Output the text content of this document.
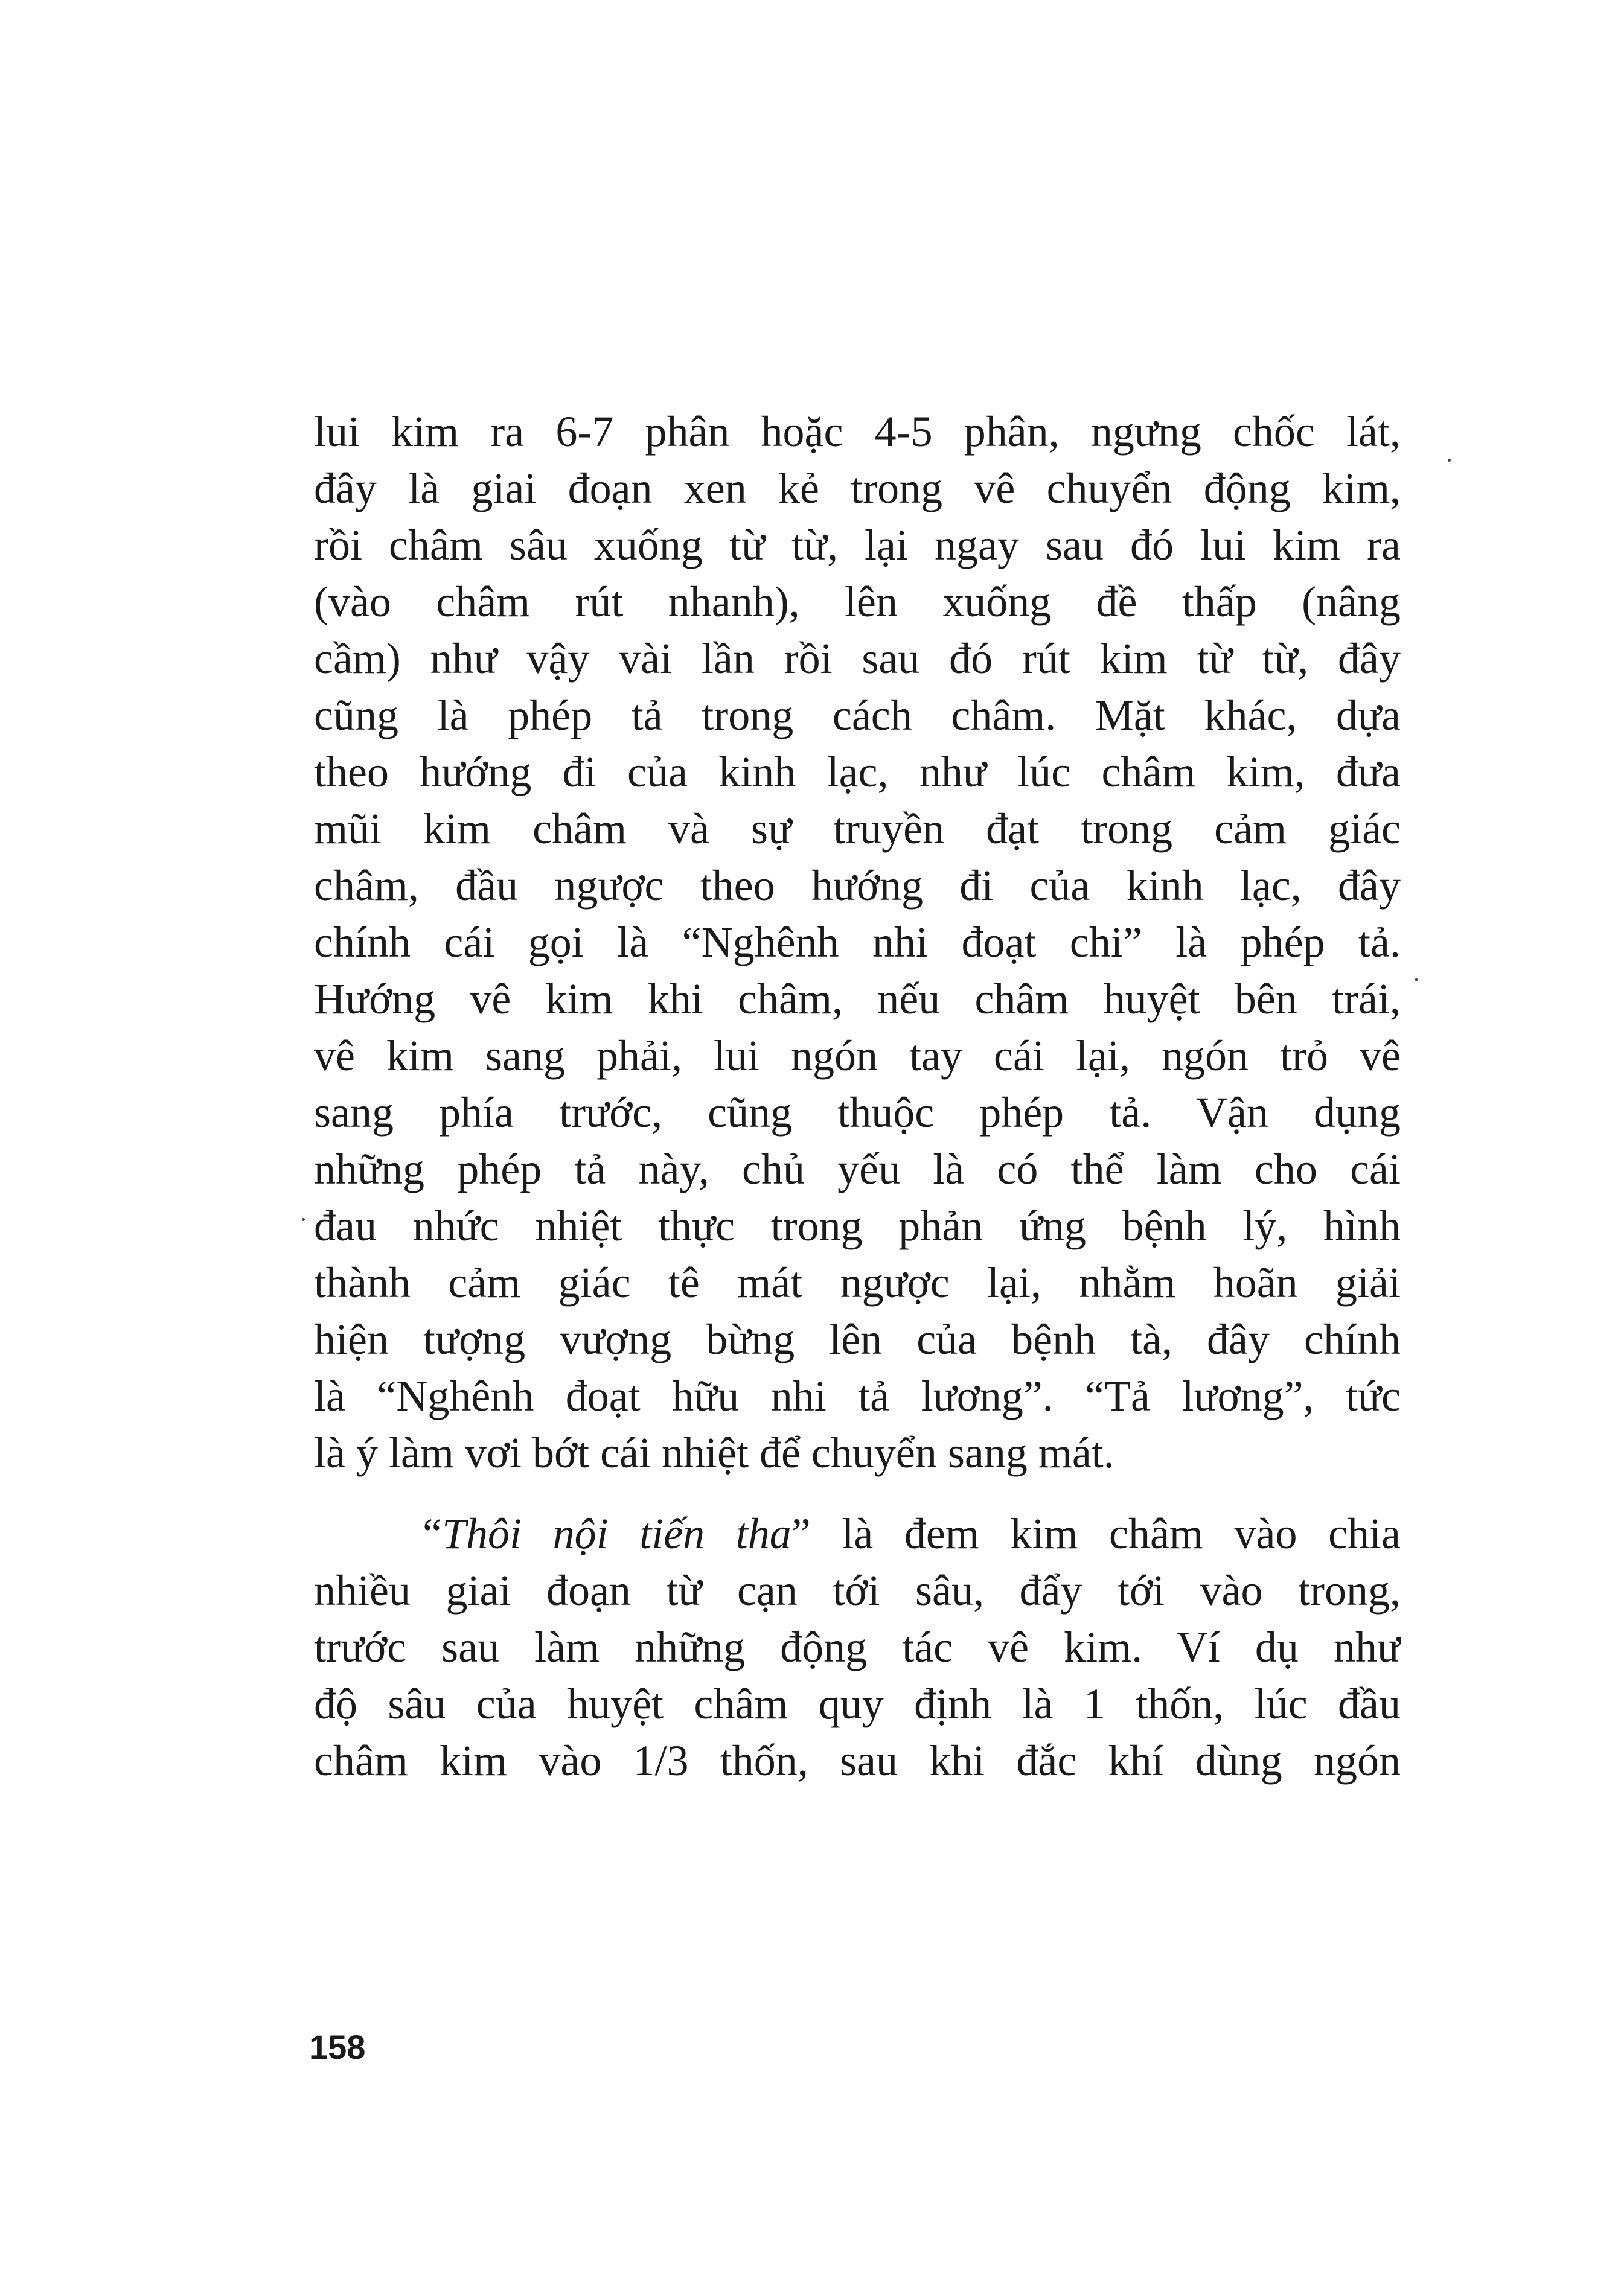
lui kim ra 6-7 phân hoặc 4-5 phân, ngưng chốc lát,
đây là giai đoạn xen kẻ trong vê chuyển động kim,
rồi châm sâu xuống từ từ, lại ngay sau đó lui kim ra
(vào châm rút nhanh), lên xuống đề thấp (nâng
cầm) như vậy vài lần rồi sau đó rút kim từ từ, đây
cũng là phép tả trong cách châm. Mặt khác, dựa
theo hướng đi của kinh lạc, như lúc châm kim, đưa
mũi kim châm và sự truyền đạt trong cảm giác
châm, đầu ngược theo hướng đi của kinh lạc, đây
chính cái gọi là “Nghênh nhi đoạt chi” là phép tả.
Hướng vê kim khi châm, nếu châm huyệt bên trái,
vê kim sang phải, lui ngón tay cái lại, ngón trỏ vê
sang phía trước, cũng thuộc phép tả. Vận dụng
những phép tả này, chủ yếu là có thể làm cho cái
đau nhức nhiệt thực trong phản ứng bệnh lý, hình
thành cảm giác tê mát ngược lại, nhằm hoãn giải
hiện tượng vượng bừng lên của bệnh tà, đây chính
là “Nghênh đoạt hữu nhi tả lương”. “Tả lương”, tức
là ý làm vơi bớt cái nhiệt để chuyển sang mát.
“Thôi nội tiến tha” là đem kim châm vào chia
nhiều giai đoạn từ cạn tới sâu, đẩy tới vào trong,
trước sau làm những động tác vê kim. Ví dụ như
độ sâu của huyệt châm quy định là 1 thốn, lúc đầu
châm kim vào 1/3 thốn, sau khi đắc khí dùng ngón
158
